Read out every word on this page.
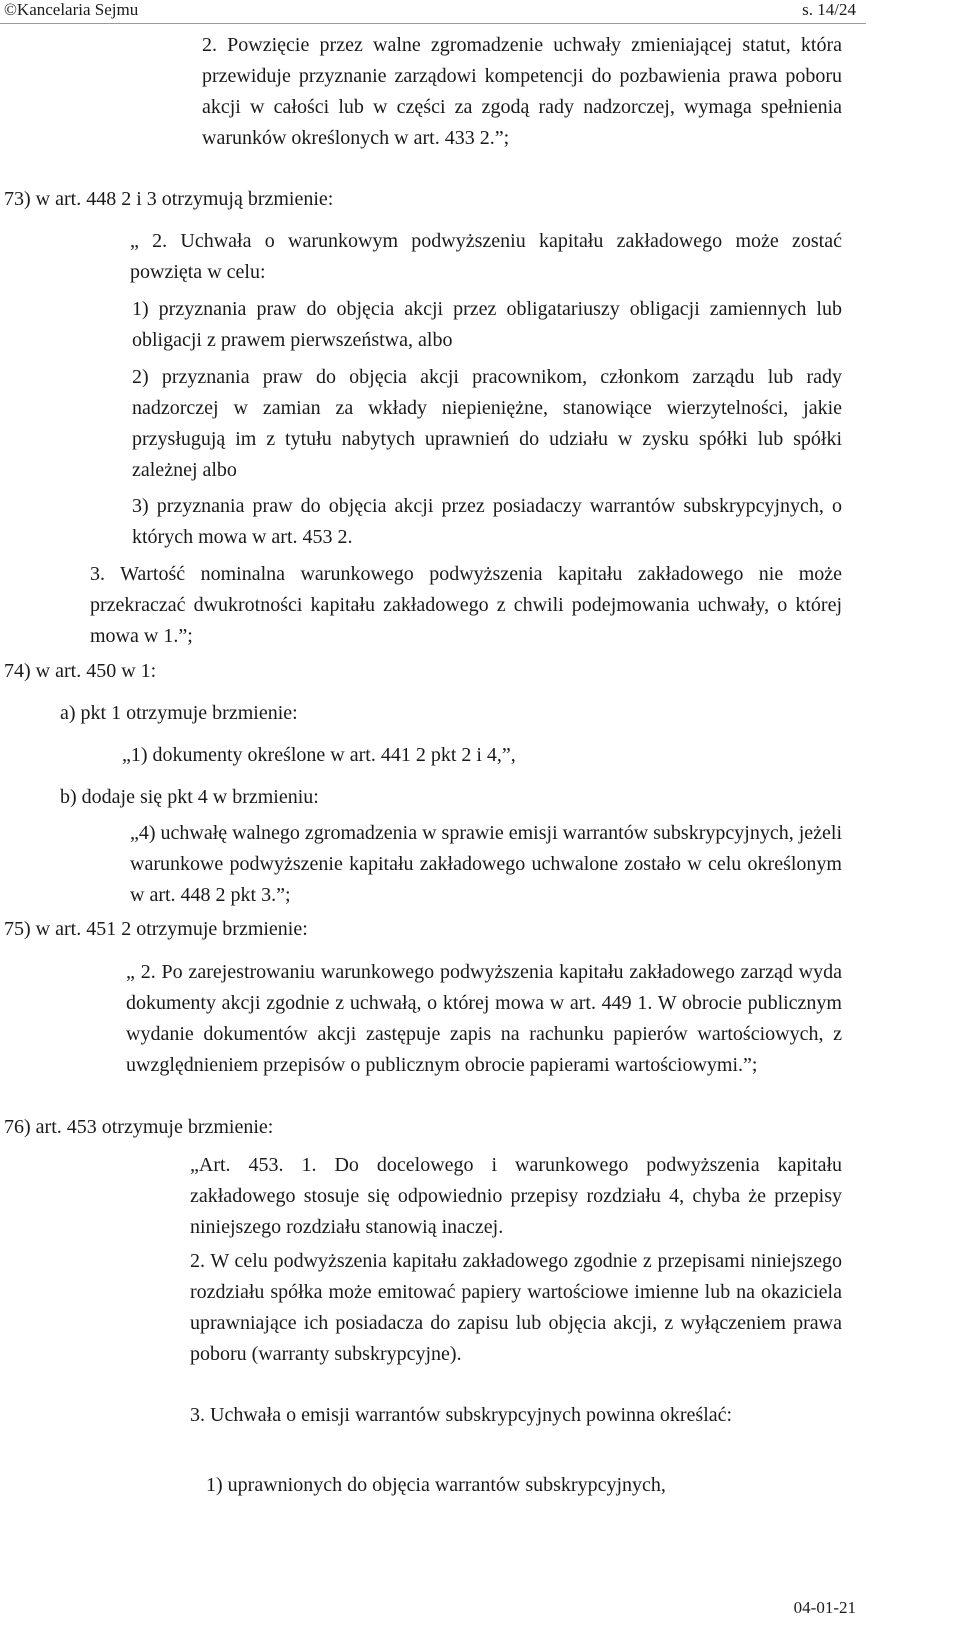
©Kancelaria Sejmu	s. 14/24
2. Powzięcie przez walne zgromadzenie uchwały zmieniającej statut, która przewiduje przyznanie zarządowi kompetencji do pozbawienia prawa poboru akcji w całości lub w części za zgodą rady nadzorczej, wymaga spełnienia warunków określonych w art. 433 2.”;
73) w art. 448 2 i 3 otrzymują brzmienie:
„ 2. Uchwała o warunkowym podwyższeniu kapitału zakładowego może zostać powzięta w celu:
1) przyznania praw do objęcia akcji przez obligatariuszy obligacji zamiennych lub obligacji z prawem pierwszeństwa, albo
2) przyznania praw do objęcia akcji pracownikom, członkom zarządu lub rady nadzorczej w zamian za wkłady niepieniężne, stanowiące wierzytelności, jakie przysługują im z tytułu nabytych uprawnień do udziału w zysku spółki lub spółki zależnej albo
3) przyznania praw do objęcia akcji przez posiadaczy warrantów subskrypcyjnych, o których mowa w art. 453 2.
3. Wartość nominalna warunkowego podwyższenia kapitału zakładowego nie może przekraczać dwukrotności kapitału zakładowego z chwili podejmowania uchwały, o której mowa w 1.”;
74) w art. 450 w 1:
a) pkt 1 otrzymuje brzmienie:
„1) dokumenty określone w art. 441 2 pkt 2 i 4,”,
b) dodaje się pkt 4 w brzmieniu:
„4) uchwałę walnego zgromadzenia w sprawie emisji warrantów subskrypcyjnych, jeżeli warunkowe podwyższenie kapitału zakładowego uchwalone zostało w celu określonym w art. 448 2 pkt 3.”;
75) w art. 451 2 otrzymuje brzmienie:
„ 2. Po zarejestrowaniu warunkowego podwyższenia kapitału zakładowego zarząd wyda dokumenty akcji zgodnie z uchwałą, o której mowa w art. 449 1. W obrocie publicznym wydanie dokumentów akcji zastępuje zapis na rachunku papierów wartościowych, z uwzględnieniem przepisów o publicznym obrocie papierami wartościowymi.”;
76) art. 453 otrzymuje brzmienie:
„Art. 453. 1. Do docelowego i warunkowego podwyższenia kapitału zakładowego stosuje się odpowiednio przepisy rozdziału 4, chyba że przepisy niniejszego rozdziału stanowią inaczej.
2. W celu podwyższenia kapitału zakładowego zgodnie z przepisami niniejszego rozdziału spółka może emitować papiery wartościowe imienne lub na okaziciela uprawniające ich posiadacza do zapisu lub objęcia akcji, z wyłączeniem prawa poboru (warranty subskrypcyjne).
3. Uchwała o emisji warrantów subskrypcyjnych powinna określać:
1) uprawnionych do objęcia warrantów subskrypcyjnych,
04-01-21
